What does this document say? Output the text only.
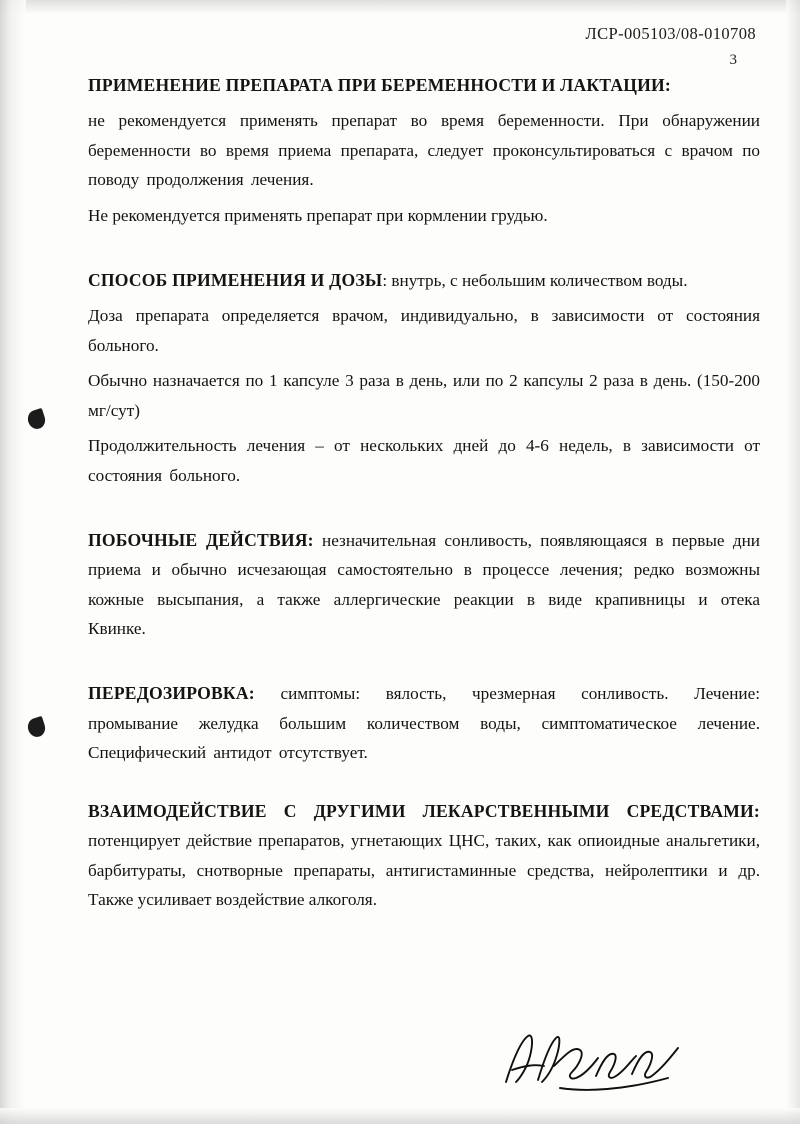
ЛСР-005103/08-010708
3

ПРИМЕНЕНИЕ ПРЕПАРАТА ПРИ БЕРЕМЕННОСТИ И ЛАКТАЦИИ:

не рекомендуется применять препарат во время беременности. При обнаружении беременности во время приема препарата, следует проконсультироваться с врачом по поводу продолжения лечения.

Не рекомендуется применять препарат при кормлении грудью.

СПОСОБ ПРИМЕНЕНИЯ И ДОЗЫ: внутрь, с небольшим количеством воды.

Доза препарата определяется врачом, индивидуально, в зависимости от состояния больного.

Обычно назначается по 1 капсуле 3 раза в день, или по 2 капсулы 2 раза в день. (150-200 мг/сут)

Продолжительность лечения – от нескольких дней до 4-6 недель, в зависимости от состояния больного.

ПОБОЧНЫЕ ДЕЙСТВИЯ: незначительная сонливость, появляющаяся в первые дни приема и обычно исчезающая самостоятельно в процессе лечения; редко возможны кожные высыпания, а также аллергические реакции в виде крапивницы и отека Квинке.

ПЕРЕДОЗИРОВКА: симптомы: вялость, чрезмерная сонливость. Лечение: промывание желудка большим количеством воды, симптоматическое лечение. Специфический антидот отсутствует.

ВЗАИМОДЕЙСТВИЕ С ДРУГИМИ ЛЕКАРСТВЕННЫМИ СРЕДСТВАМИ: потенцирует действие препаратов, угнетающих ЦНС, таких, как опиоидные анальгетики, барбитураты, снотворные препараты, антигистаминные средства, нейролептики и др. Также усиливает воздействие алкоголя.
